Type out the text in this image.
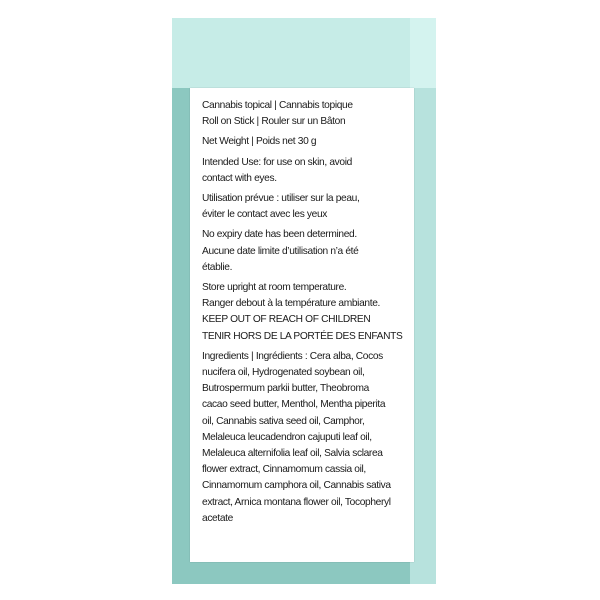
Cannabis topical | Cannabis topique
Roll on Stick | Rouler sur un Bâton
Net Weight | Poids net 30 g
Intended Use: for use on skin, avoid
contact with eyes.
Utilisation prévue : utiliser sur la peau,
éviter le contact avec les yeux
No expiry date has been determined.
Aucune date limite d’utilisation n’a été
établie.
Store upright at room temperature.
Ranger debout à la température ambiante.
KEEP OUT OF REACH OF CHILDREN
TENIR HORS DE LA PORTÉE DES ENFANTS
Ingredients | Ingrédients : Cera alba, Cocos
nucifera oil, Hydrogenated soybean oil,
Butrospermum parkii butter, Theobroma
cacao seed butter, Menthol, Mentha piperita
oil, Cannabis sativa seed oil, Camphor,
Melaleuca leucadendron cajuputi leaf oil,
Melaleuca alternifolia leaf oil, Salvia sclarea
flower extract, Cinnamomum cassia oil,
Cinnamomum camphora oil, Cannabis sativa
extract, Arnica montana flower oil, Tocopheryl
acetate
